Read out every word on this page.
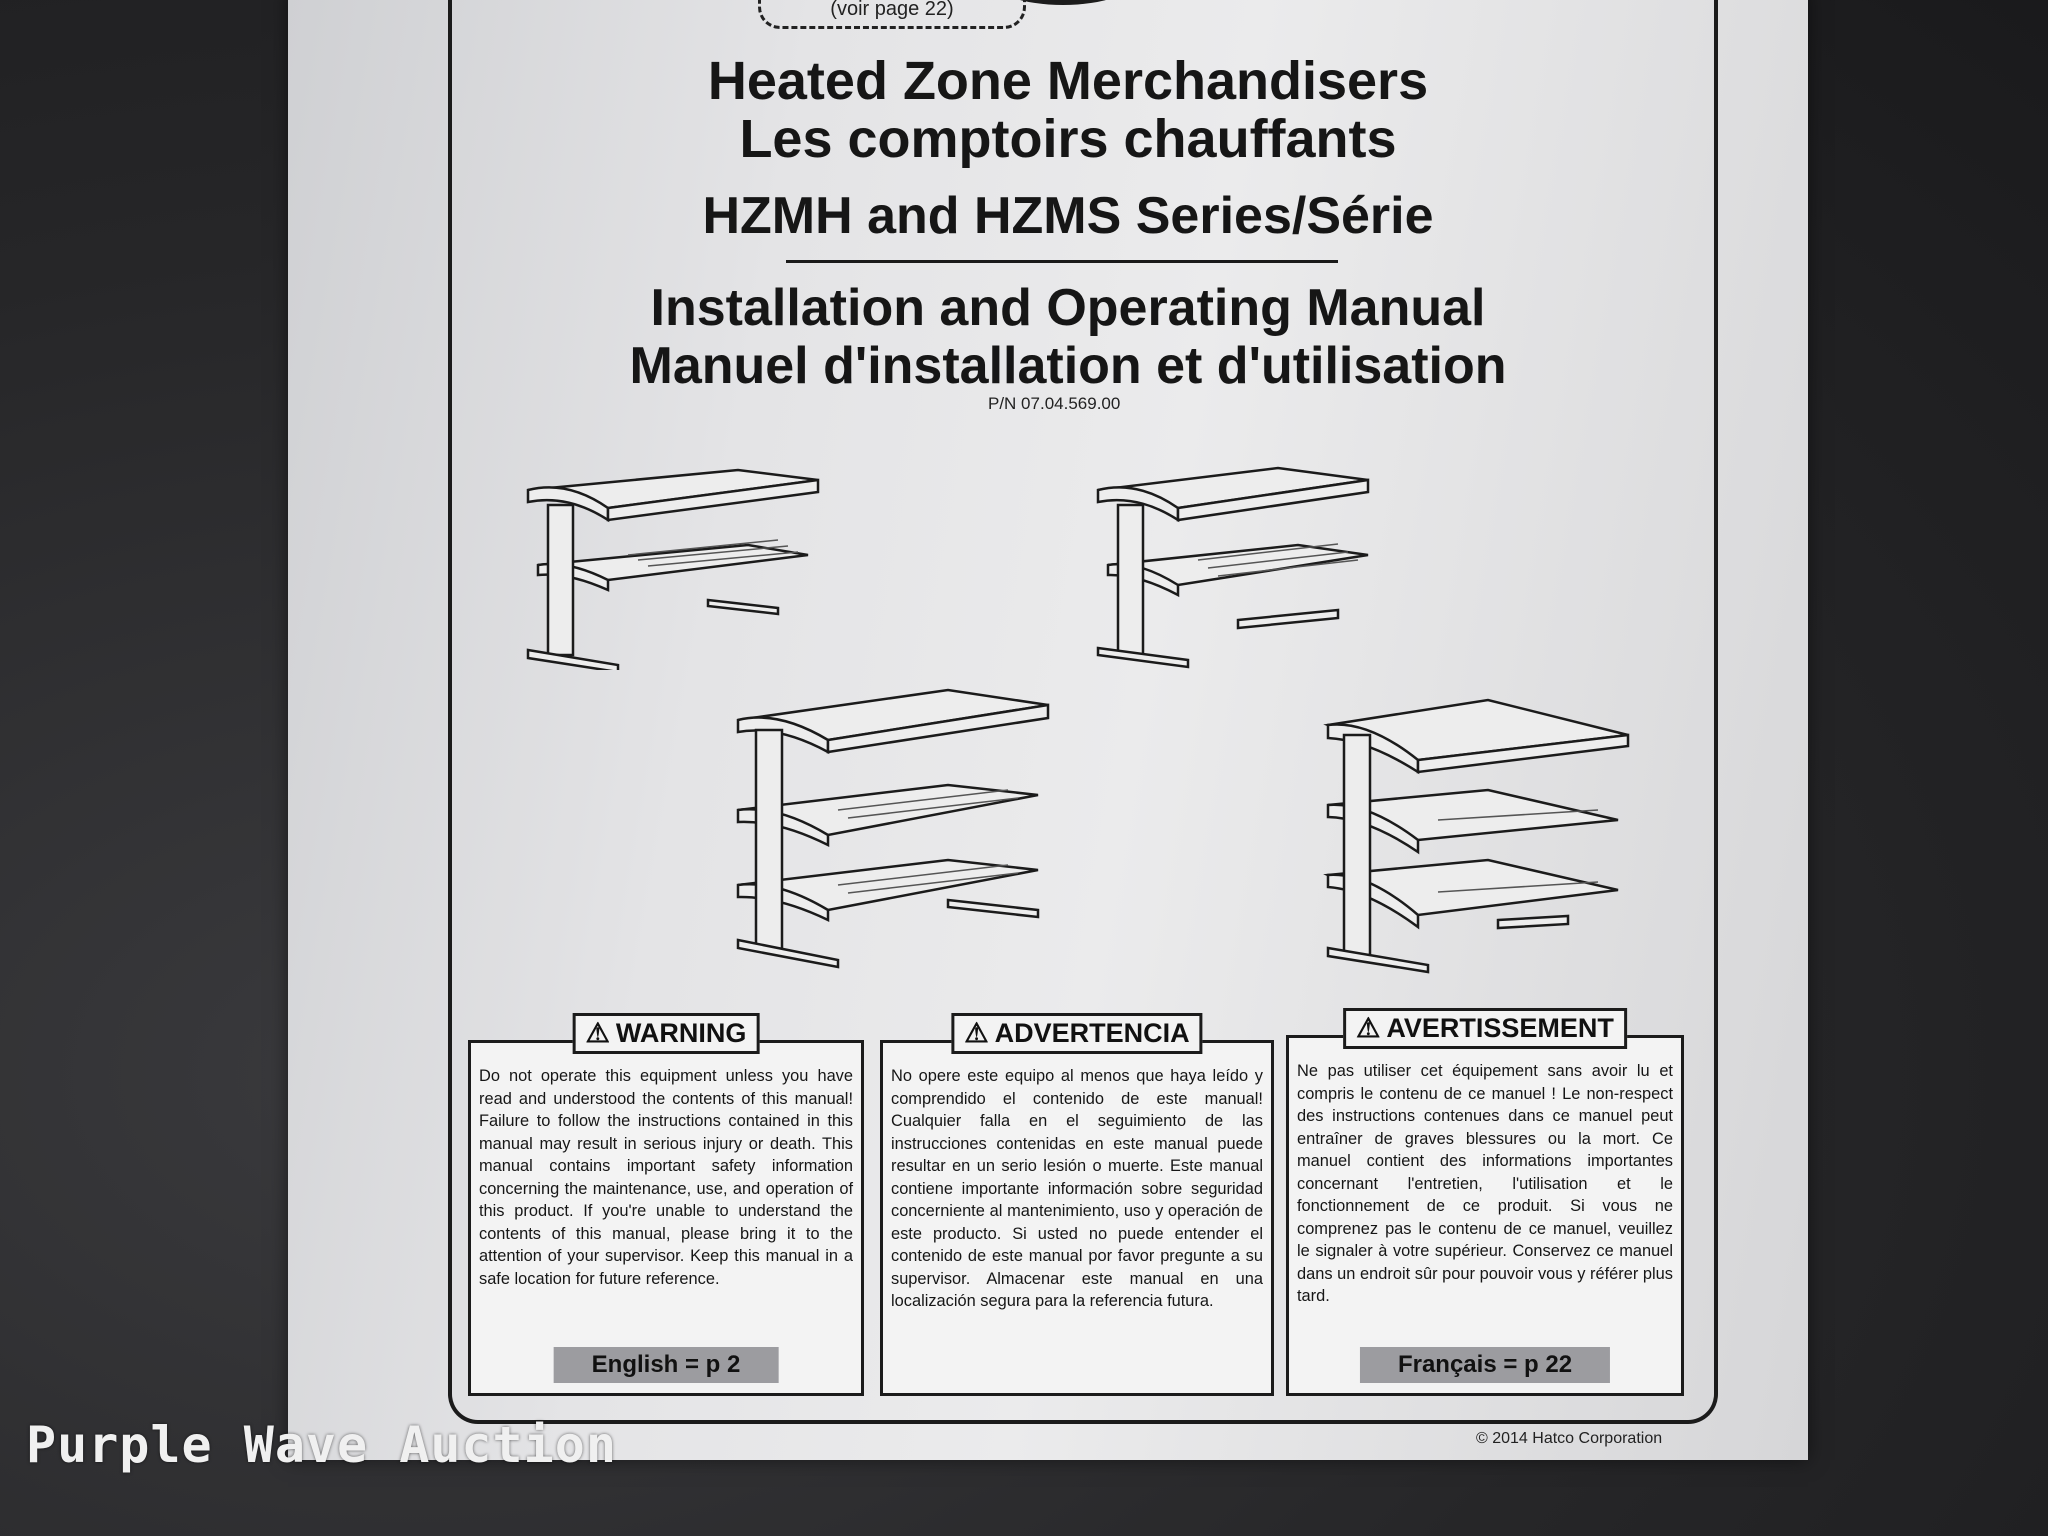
(voir page 22)
Heated Zone Merchandisers
Les comptoirs chauffants
HZMH and HZMS Series/Série
Installation and Operating Manual
Manuel d'installation et d'utilisation
P/N 07.04.569.00
⚠ WARNING
Do not operate this equipment unless you have read and understood the contents of this manual! Failure to follow the instructions contained in this manual may result in serious injury or death. This manual contains important safety information concerning the maintenance, use, and operation of this product. If you're unable to understand the contents of this manual, please bring it to the attention of your supervisor. Keep this manual in a safe location for future reference.
English = p 2
⚠ ADVERTENCIA
No opere este equipo al menos que haya leído y comprendido el contenido de este manual! Cualquier falla en el seguimiento de las instrucciones contenidas en este manual puede resultar en un serio lesión o muerte. Este manual contiene importante información sobre seguridad concerniente al mantenimiento, uso y operación de este producto. Si usted no puede entender el contenido de este manual por favor pregunte a su supervisor. Almacenar este manual en una localización segura para la referencia futura.
⚠ AVERTISSEMENT
Ne pas utiliser cet équipement sans avoir lu et compris le contenu de ce manuel ! Le non-respect des instructions contenues dans ce manuel peut entraîner de graves blessures ou la mort. Ce manuel contient des informations importantes concernant l'entretien, l'utilisation et le fonctionnement de ce produit. Si vous ne comprenez pas le contenu de ce manuel, veuillez le signaler à votre supérieur. Conservez ce manuel dans un endroit sûr pour pouvoir vous y référer plus tard.
Français = p 22
© 2014 Hatco Corporation
Purple Wave Auction
